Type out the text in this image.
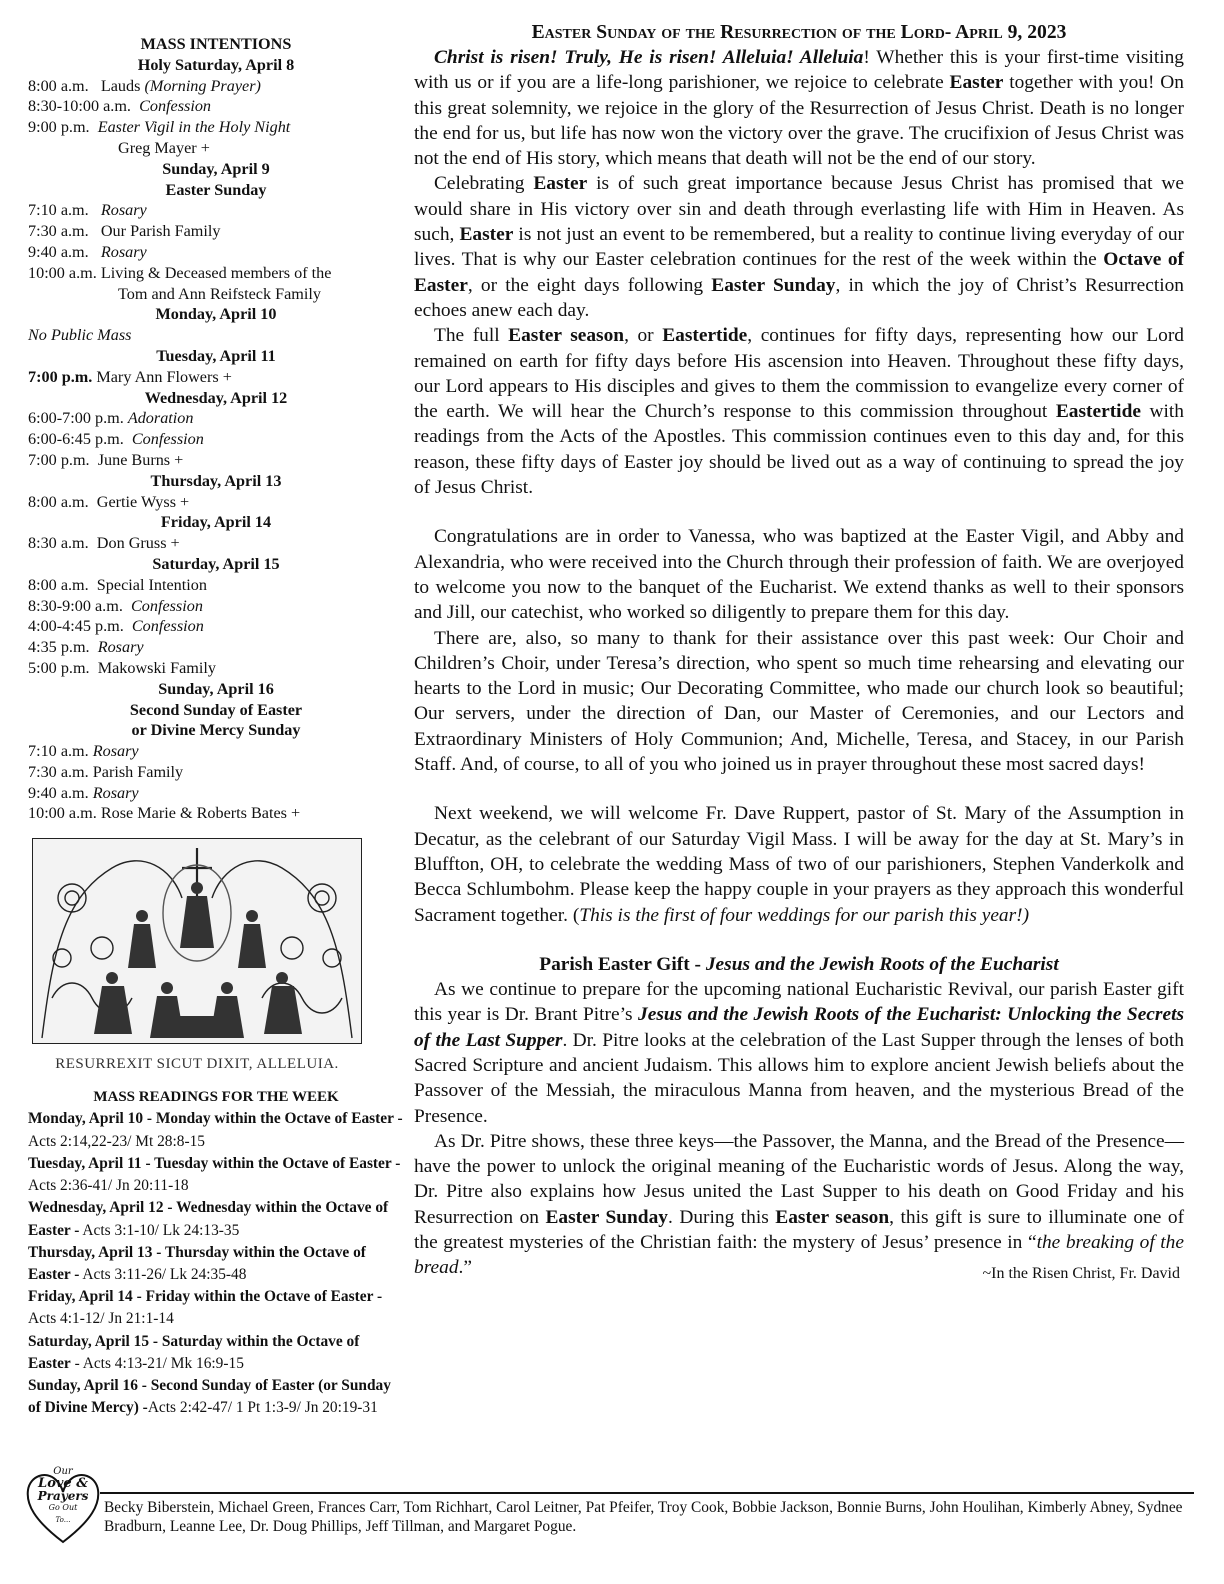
MASS INTENTIONS
Holy Saturday, April 8
8:00 a.m. Lauds (Morning Prayer)
8:30-10:00 a.m. Confession
9:00 p.m. Easter Vigil in the Holy Night
Greg Mayer +
Sunday, April 9
Easter Sunday
7:10 a.m. Rosary
7:30 a.m. Our Parish Family
9:40 a.m. Rosary
10:00 a.m. Living & Deceased members of the
Tom and Ann Reifsteck Family
Monday, April 10
No Public Mass
Tuesday, April 11
7:00 p.m. Mary Ann Flowers +
Wednesday, April 12
6:00-7:00 p.m. Adoration
6:00-6:45 p.m. Confession
7:00 p.m. June Burns +
Thursday, April 13
8:00 a.m. Gertie Wyss +
Friday, April 14
8:30 a.m. Don Gruss +
Saturday, April 15
8:00 a.m. Special Intention
8:30-9:00 a.m. Confession
4:00-4:45 p.m. Confession
4:35 p.m. Rosary
5:00 p.m. Makowski Family
Sunday, April 16
Second Sunday of Easter
or Divine Mercy Sunday
7:10 a.m. Rosary
7:30 a.m. Parish Family
9:40 a.m. Rosary
10:00 a.m. Rose Marie & Roberts Bates +
RESURREXIT SICUT DIXIT, ALLELUIA.
MASS READINGS FOR THE WEEK
Monday, April 10 - Monday within the Octave of Easter - Acts 2:14,22-23/ Mt 28:8-15
Tuesday, April 11 - Tuesday within the Octave of Easter - Acts 2:36-41/ Jn 20:11-18
Wednesday, April 12 - Wednesday within the Octave of Easter - Acts 3:1-10/ Lk 24:13-35
Thursday, April 13 - Thursday within the Octave of Easter - Acts 3:11-26/ Lk 24:35-48
Friday, April 14 - Friday within the Octave of Easter - Acts 4:1-12/ Jn 21:1-14
Saturday, April 15 - Saturday within the Octave of Easter - Acts 4:13-21/ Mk 16:9-15
Sunday, April 16 - Second Sunday of Easter (or Sunday of Divine Mercy) -Acts 2:42-47/ 1 Pt 1:3-9/ Jn 20:19-31
Easter Sunday of the Resurrection of the Lord- April 9, 2023

Christ is risen! Truly, He is risen! Alleluia! Alleluia! Whether this is your first-time visiting with us or if you are a life-long parishioner, we rejoice to celebrate Easter together with you! On this great solemnity, we rejoice in the glory of the Resurrection of Jesus Christ. Death is no longer the end for us, but life has now won the victory over the grave. The crucifixion of Jesus Christ was not the end of His story, which means that death will not be the end of our story.

Celebrating Easter is of such great importance because Jesus Christ has promised that we would share in His victory over sin and death through everlasting life with Him in Heaven. As such, Easter is not just an event to be remembered, but a reality to continue living everyday of our lives. That is why our Easter celebration continues for the rest of the week within the Octave of Easter, or the eight days following Easter Sunday, in which the joy of Christ’s Resurrection echoes anew each day.

The full Easter season, or Eastertide, continues for fifty days, representing how our Lord remained on earth for fifty days before His ascension into Heaven. Throughout these fifty days, our Lord appears to His disciples and gives to them the commission to evangelize every corner of the earth. We will hear the Church’s response to this commission throughout Eastertide with readings from the Acts of the Apostles. This commission continues even to this day and, for this reason, these fifty days of Easter joy should be lived out as a way of continuing to spread the joy of Jesus Christ.

Congratulations are in order to Vanessa, who was baptized at the Easter Vigil, and Abby and Alexandria, who were received into the Church through their profession of faith. We are overjoyed to welcome you now to the banquet of the Eucharist. We extend thanks as well to their sponsors and Jill, our catechist, who worked so diligently to prepare them for this day.

There are, also, so many to thank for their assistance over this past week: Our Choir and Children’s Choir, under Teresa’s direction, who spent so much time rehearsing and elevating our hearts to the Lord in music; Our Decorating Committee, who made our church look so beautiful; Our servers, under the direction of Dan, our Master of Ceremonies, and our Lectors and Extraordinary Ministers of Holy Communion; And, Michelle, Teresa, and Stacey, in our Parish Staff. And, of course, to all of you who joined us in prayer throughout these most sacred days!

Next weekend, we will welcome Fr. Dave Ruppert, pastor of St. Mary of the Assumption in Decatur, as the celebrant of our Saturday Vigil Mass. I will be away for the day at St. Mary’s in Bluffton, OH, to celebrate the wedding Mass of two of our parishioners, Stephen Vanderkolk and Becca Schlumbohm. Please keep the happy couple in your prayers as they approach this wonderful Sacrament together. (This is the first of four weddings for our parish this year!)

Parish Easter Gift - Jesus and the Jewish Roots of the Eucharist

As we continue to prepare for the upcoming national Eucharistic Revival, our parish Easter gift this year is Dr. Brant Pitre’s Jesus and the Jewish Roots of the Eucharist: Unlocking the Secrets of the Last Supper. Dr. Pitre looks at the celebration of the Last Supper through the lenses of both Sacred Scripture and ancient Judaism. This allows him to explore ancient Jewish beliefs about the Passover of the Messiah, the miraculous Manna from heaven, and the mysterious Bread of the Presence.

As Dr. Pitre shows, these three keys—the Passover, the Manna, and the Bread of the Presence—have the power to unlock the original meaning of the Eucharistic words of Jesus. Along the way, Dr. Pitre also explains how Jesus united the Last Supper to his death on Good Friday and his Resurrection on Easter Sunday. During this Easter season, this gift is sure to illuminate one of the greatest mysteries of the Christian faith: the mystery of Jesus’ presence in “the breaking of the bread.”	~In the Risen Christ, Fr. David
Our
Love &
Prayers
Go Out
To...
Becky Biberstein, Michael Green, Frances Carr, Tom Richhart, Carol Leitner, Pat Pfeifer, Troy Cook, Bobbie Jackson, Bonnie Burns, John Houlihan, Kimberly Abney, Sydnee Bradburn, Leanne Lee, Dr. Doug Phillips, Jeff Tillman, and Margaret Pogue.
